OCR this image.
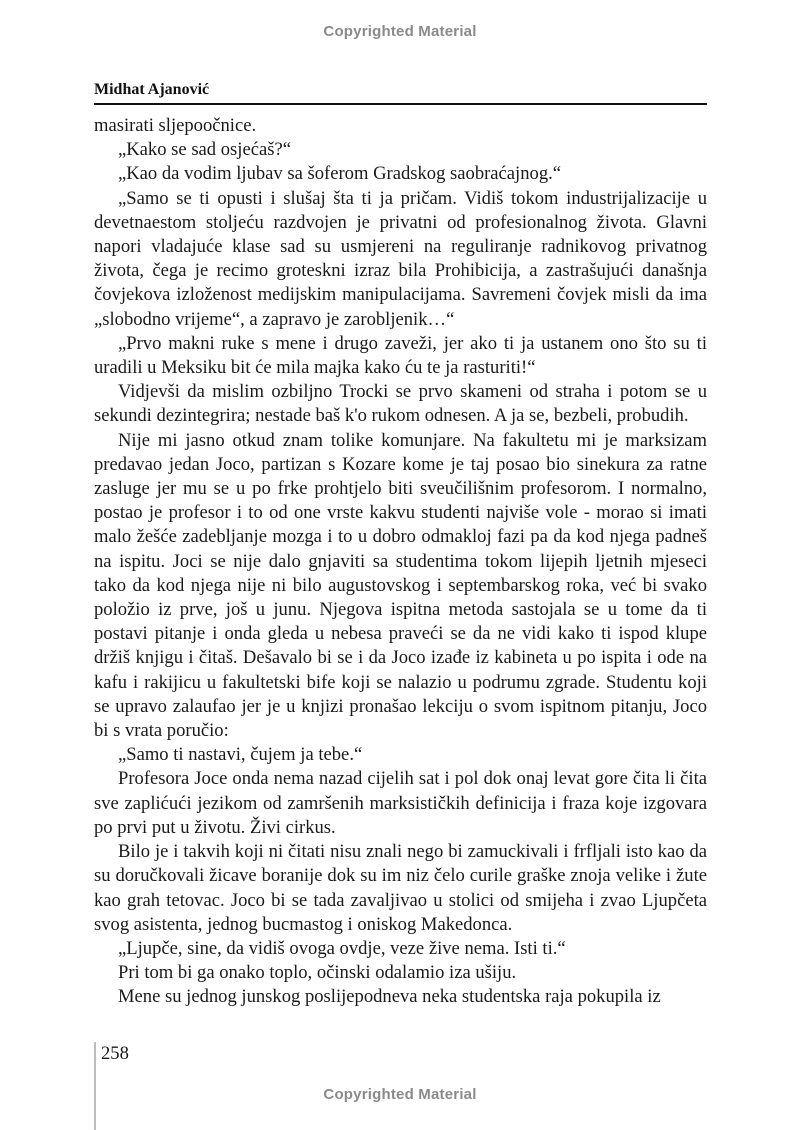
Copyrighted Material
Midhat Ajanović

masirati sljepoočnice.

„Kako se sad osjećaš?“

„Kao da vodim ljubav sa šoferom Gradskog saobraćajnog.“

„Samo se ti opusti i slušaj šta ti ja pričam. Vidiš tokom industrijalizacije u devetnaestom stoljeću razdvojen je privatni od profesionalnog života. Glavni napori vladajuće klase sad su usmjereni na reguliranje radnikovog privatnog života, čega je recimo groteskni izraz bila Prohibicija, a zastrašujući današnja čovjekova izloženost medijskim manipulacijama. Savremeni čovjek misli da ima „slobodno vrijeme“, a zapravo je zarobljenik…“

„Prvo makni ruke s mene i drugo zaveži, jer ako ti ja ustanem ono što su ti uradili u Meksiku bit će mila majka kako ću te ja rasturiti!“

Vidjevši da mislim ozbiljno Trocki se prvo skameni od straha i potom se u sekundi dezintegrira; nestade baš k'o rukom odnesen. A ja se, bezbeli, probudih.

Nije mi jasno otkud znam tolike komunjare. Na fakultetu mi je marksizam predavao jedan Joco, partizan s Kozare kome je taj posao bio sinekura za ratne zasluge jer mu se u po frke prohtjelo biti sveučilišnim profesorom. I normalno, postao je profesor i to od one vrste kakvu studenti najviše vole - morao si imati malo žešće zadebljanje mozga i to u dobro odmakloj fazi pa da kod njega padneš na ispitu. Joci se nije dalo gnjaviti sa studentima tokom lijepih ljetnih mjeseci tako da kod njega nije ni bilo augustovskog i septembarskog roka, već bi svako položio iz prve, još u junu. Njegova ispitna metoda sastojala se u tome da ti postavi pitanje i onda gleda u nebesa praveći se da ne vidi kako ti ispod klupe držiš knjigu i čitaš. Dešavalo bi se i da Joco izađe iz kabineta u po ispita i ode na kafu i rakijicu u fakultetski bife koji se nalazio u podrumu zgrade. Studentu koji se upravo zalaufao jer je u knjizi pronašao lekciju o svom ispitnom pitanju, Joco bi s vrata poručio:

„Samo ti nastavi, čujem ja tebe.“

Profesora Joce onda nema nazad cijelih sat i pol dok onaj levat gore čita li čita sve zaplićući jezikom od zamršenih marksističkih definicija i fraza koje izgovara po prvi put u životu. Živi cirkus.

Bilo je i takvih koji ni čitati nisu znali nego bi zamuckivali i frfljali isto kao da su doručkovali žicave boranije dok su im niz čelo curile graške znoja velike i žute kao grah tetovac. Joco bi se tada zavaljivao u stolici od smijeha i zvao Ljupčeta svog asistenta, jednog bucmastog i oniskog Makedonca.

„Ljupče, sine, da vidiš ovoga ovdje, veze žive nema. Isti ti.“

Pri tom bi ga onako toplo, očinski odalamio iza ušiju.

Mene su jednog junskog poslijepodneva neka studentska raja pokupila iz

258
Copyrighted Material
